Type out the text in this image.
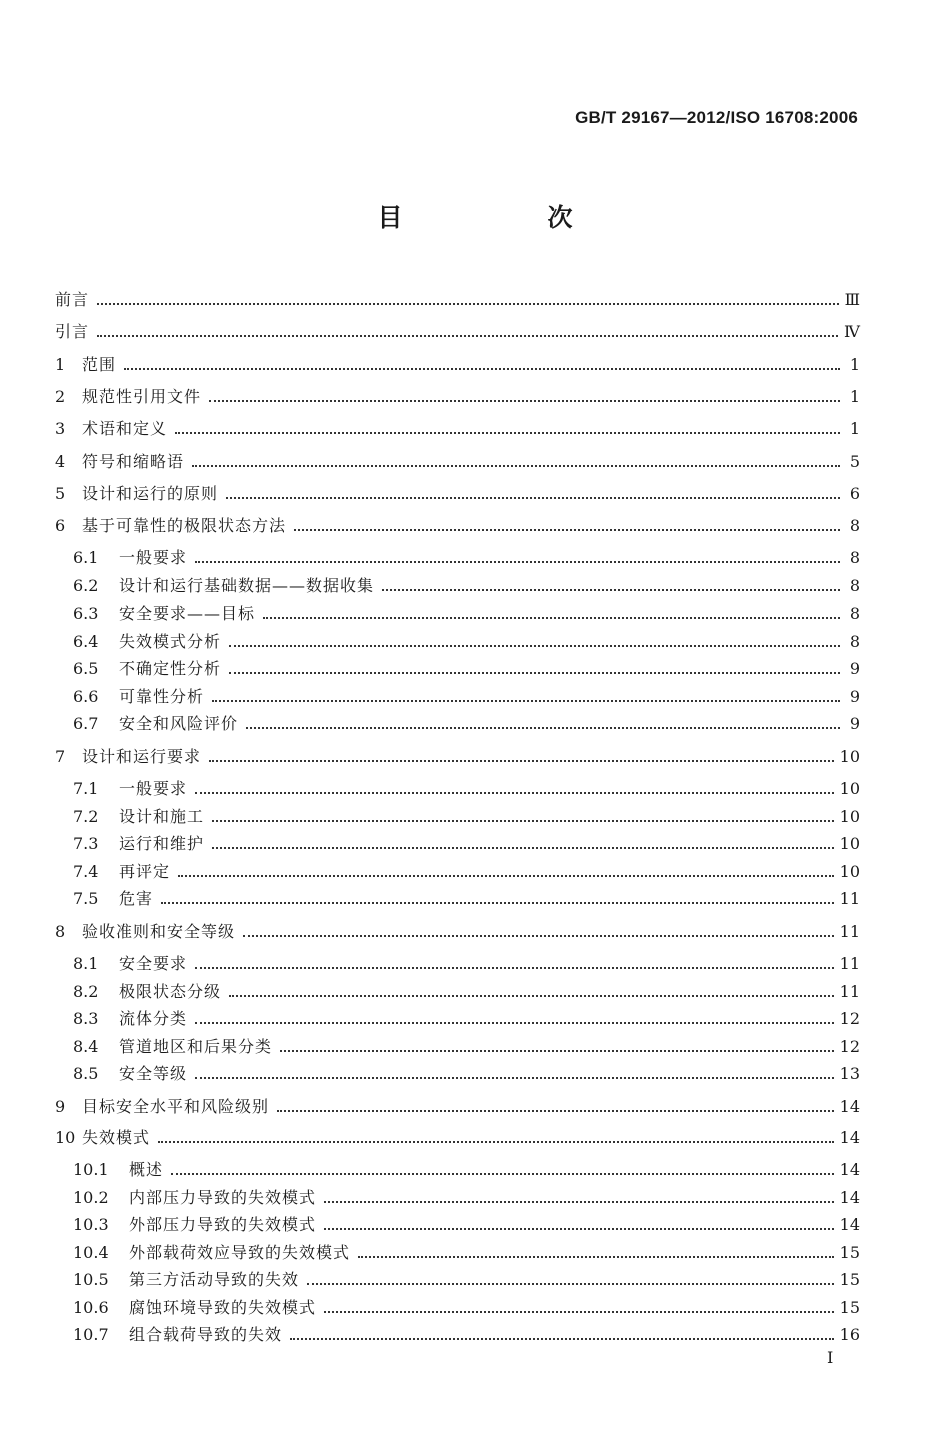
GB/T 29167—2012/ISO 16708:2006
目　次
前言	Ⅲ
引言	Ⅳ
1	范围	1
2	规范性引用文件	1
3	术语和定义	1
4	符号和缩略语	5
5	设计和运行的原则	6
6	基于可靠性的极限状态方法	8
6.1	一般要求	8
6.2	设计和运行基础数据——数据收集	8
6.3	安全要求——目标	8
6.4	失效模式分析	8
6.5	不确定性分析	9
6.6	可靠性分析	9
6.7	安全和风险评价	9
7	设计和运行要求	10
7.1	一般要求	10
7.2	设计和施工	10
7.3	运行和维护	10
7.4	再评定	10
7.5	危害	11
8	验收准则和安全等级	11
8.1	安全要求	11
8.2	极限状态分级	11
8.3	流体分类	12
8.4	管道地区和后果分类	12
8.5	安全等级	13
9	目标安全水平和风险级别	14
10 失效模式	14
10.1	概述	14
10.2	内部压力导致的失效模式	14
10.3	外部压力导致的失效模式	14
10.4	外部载荷效应导致的失效模式	15
10.5	第三方活动导致的失效	15
10.6	腐蚀环境导致的失效模式	15
10.7	组合载荷导致的失效	16
I
